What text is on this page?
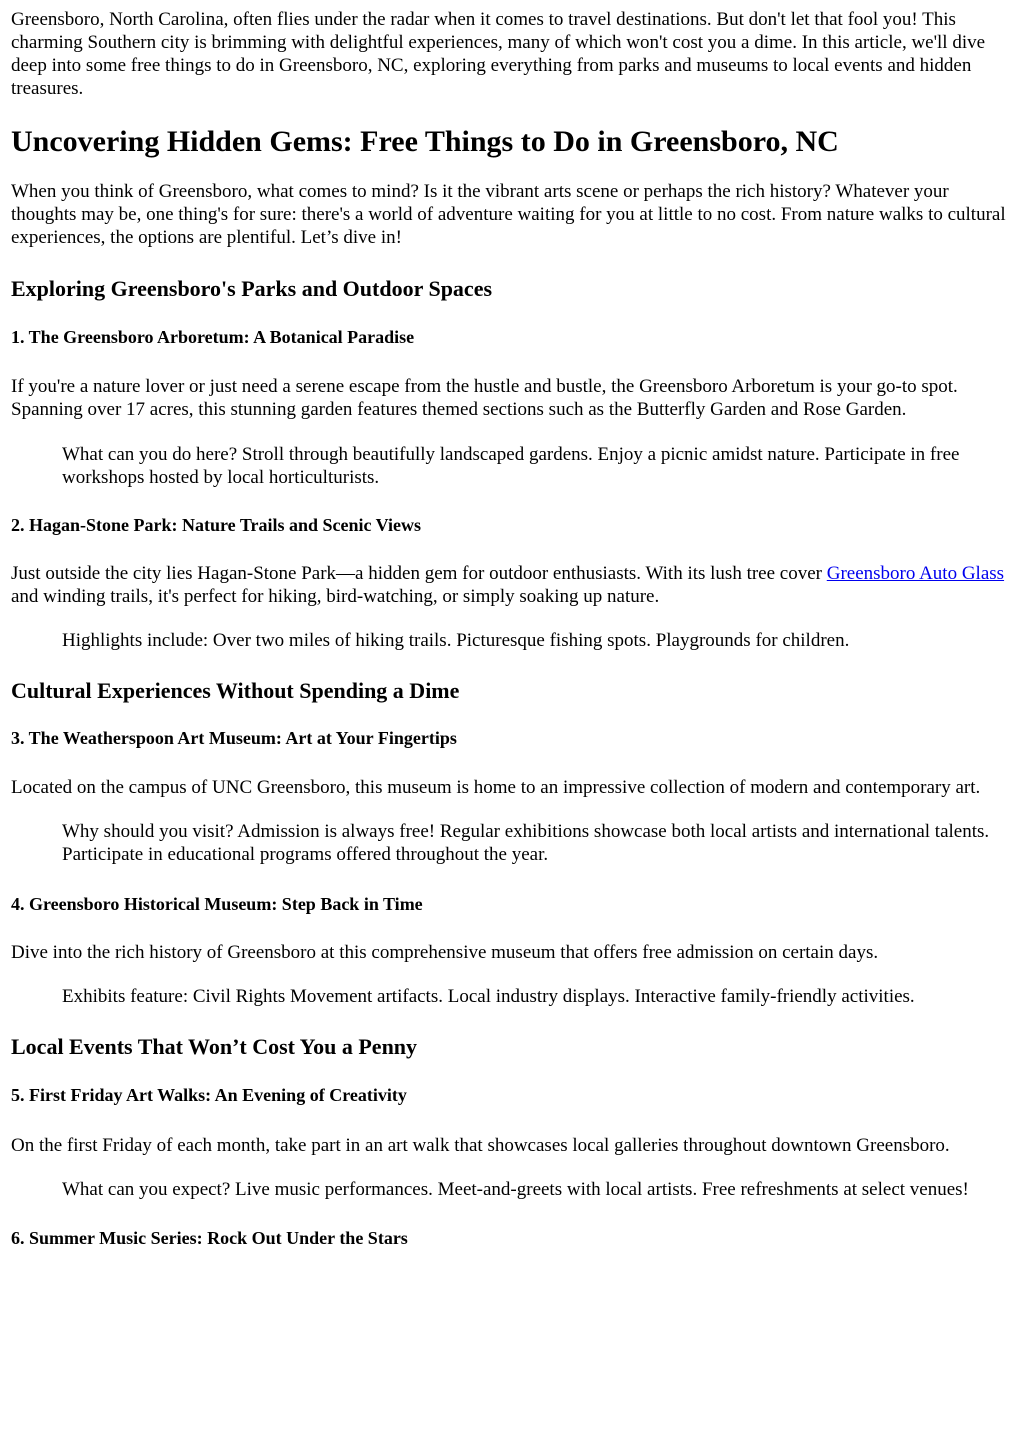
Greensboro, North Carolina, often flies under the radar when it comes to travel destinations. But don't let that fool you! This charming Southern city is brimming with delightful experiences, many of which won't cost you a dime. In this article, we'll dive deep into some free things to do in Greensboro, NC, exploring everything from parks and museums to local events and hidden treasures.

Uncovering Hidden Gems: Free Things to Do in Greensboro, NC

When you think of Greensboro, what comes to mind? Is it the vibrant arts scene or perhaps the rich history? Whatever your thoughts may be, one thing's for sure: there's a world of adventure waiting for you at little to no cost. From nature walks to cultural experiences, the options are plentiful. Let’s dive in!

Exploring Greensboro's Parks and Outdoor Spaces
1. The Greensboro Arboretum: A Botanical Paradise

If you're a nature lover or just need a serene escape from the hustle and bustle, the Greensboro Arboretum is your go-to spot. Spanning over 17 acres, this stunning garden features themed sections such as the Butterfly Garden and Rose Garden.

What can you do here? Stroll through beautifully landscaped gardens. Enjoy a picnic amidst nature. Participate in free workshops hosted by local horticulturists.
2. Hagan-Stone Park: Nature Trails and Scenic Views

Just outside the city lies Hagan-Stone Park—a hidden gem for outdoor enthusiasts. With its lush tree cover Greensboro Auto Glass and winding trails, it's perfect for hiking, bird-watching, or simply soaking up nature.

Highlights include: Over two miles of hiking trails. Picturesque fishing spots. Playgrounds for children.
Cultural Experiences Without Spending a Dime
3. The Weatherspoon Art Museum: Art at Your Fingertips

Located on the campus of UNC Greensboro, this museum is home to an impressive collection of modern and contemporary art.

Why should you visit? Admission is always free! Regular exhibitions showcase both local artists and international talents. Participate in educational programs offered throughout the year.
4. Greensboro Historical Museum: Step Back in Time

Dive into the rich history of Greensboro at this comprehensive museum that offers free admission on certain days.

Exhibits feature: Civil Rights Movement artifacts. Local industry displays. Interactive family-friendly activities.
Local Events That Won’t Cost You a Penny
5. First Friday Art Walks: An Evening of Creativity

On the first Friday of each month, take part in an art walk that showcases local galleries throughout downtown Greensboro.

What can you expect? Live music performances. Meet-and-greets with local artists. Free refreshments at select venues!
6. Summer Music Series: Rock Out Under the Stars
